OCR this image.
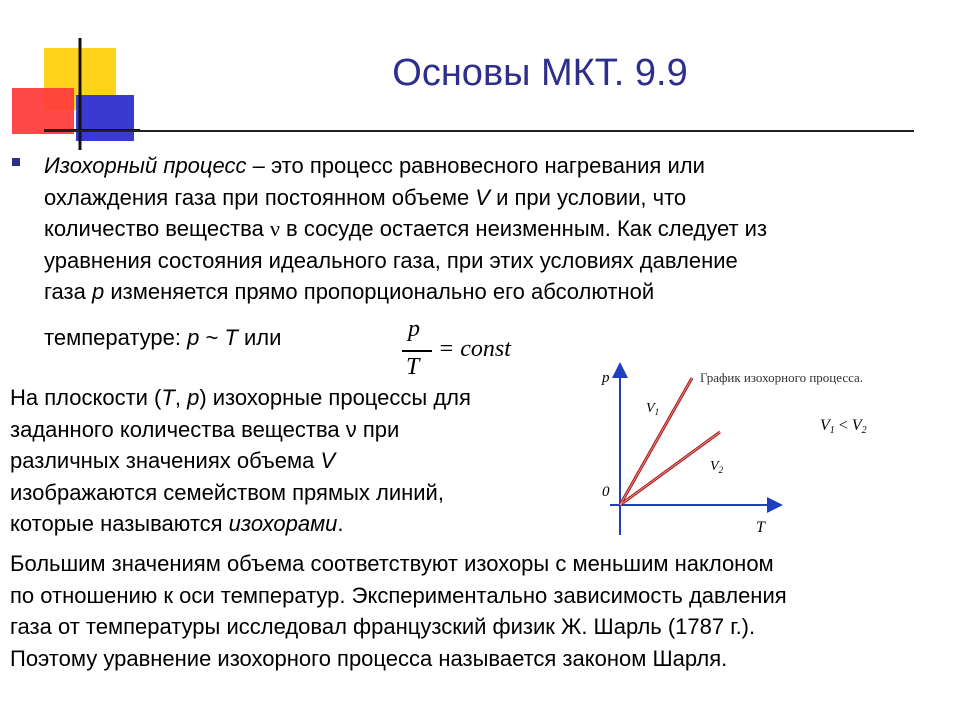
Основы МКТ. 9.9
Изохорный процесс – это процесс равновесного нагревания или
охлаждения газа при постоянном объеме V и при условии, что
количество вещества ν в сосуде остается неизменным. Как следует из
уравнения состояния идеального газа, при этих условиях давление
газа p изменяется прямо пропорционально его абсолютной
температуре: p ~ T или	p
T
= const
На плоскости (T, p) изохорные процессы для
заданного количества вещества ν при
различных значениях объема V
изображаются семейством прямых линий,
которые называются изохорами.
p
T
0
График изохорного процесса.
$V_1$
$V_2$
V1 < V2
Большим значениям объема соответствуют изохоры с меньшим наклоном
по отношению к оси температур. Экспериментально зависимость давления
газа от температуры исследовал французский физик Ж. Шарль (1787 г.).
Поэтому уравнение изохорного процесса называется законом Шарля.
